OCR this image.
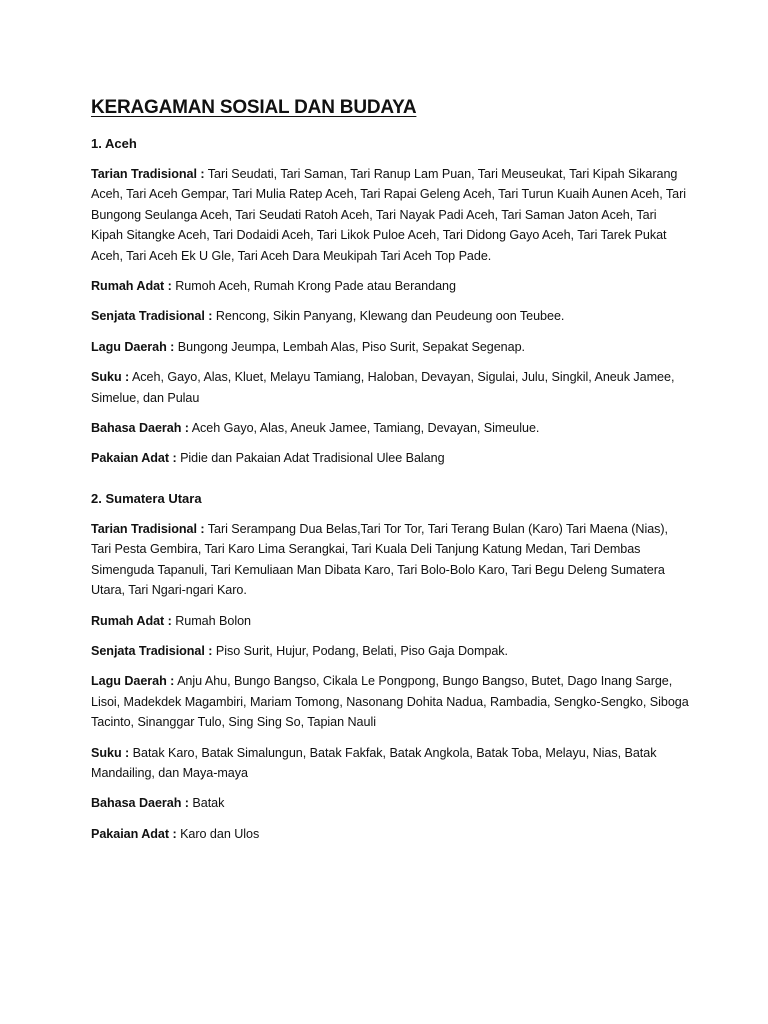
KERAGAMAN SOSIAL DAN BUDAYA
1. Aceh

Tarian Tradisional : Tari Seudati, Tari Saman, Tari Ranup Lam Puan, Tari Meuseukat, Tari Kipah Sikarang Aceh, Tari Aceh Gempar, Tari Mulia Ratep Aceh, Tari Rapai Geleng Aceh, Tari Turun Kuaih Aunen Aceh, Tari Bungong Seulanga Aceh, Tari Seudati Ratoh Aceh, Tari Nayak Padi Aceh, Tari Saman Jaton Aceh, Tari Kipah Sitangke Aceh, Tari Dodaidi Aceh, Tari Likok Puloe Aceh, Tari Didong Gayo Aceh, Tari Tarek Pukat Aceh, Tari Aceh Ek U Gle, Tari Aceh Dara Meukipah Tari Aceh Top Pade.

Rumah Adat : Rumoh Aceh, Rumah Krong Pade atau Berandang

Senjata Tradisional : Rencong, Sikin Panyang, Klewang dan Peudeung oon Teubee.

Lagu Daerah : Bungong Jeumpa, Lembah Alas, Piso Surit, Sepakat Segenap.

Suku : Aceh, Gayo, Alas, Kluet, Melayu Tamiang, Haloban, Devayan, Sigulai, Julu, Singkil, Aneuk Jamee, Simelue, dan Pulau

Bahasa Daerah : Aceh Gayo, Alas, Aneuk Jamee, Tamiang, Devayan, Simeulue.

Pakaian Adat : Pidie dan Pakaian Adat Tradisional Ulee Balang

2. Sumatera Utara

Tarian Tradisional : Tari Serampang Dua Belas,Tari Tor Tor, Tari Terang Bulan (Karo) Tari Maena (Nias), Tari Pesta Gembira, Tari Karo Lima Serangkai, Tari Kuala Deli Tanjung Katung Medan, Tari Dembas Simenguda Tapanuli, Tari Kemuliaan Man Dibata Karo, Tari Bolo-Bolo Karo, Tari Begu Deleng Sumatera Utara, Tari Ngari-ngari Karo.

Rumah Adat : Rumah Bolon

Senjata Tradisional : Piso Surit, Hujur, Podang, Belati, Piso Gaja Dompak.

Lagu Daerah : Anju Ahu, Bungo Bangso, Cikala Le Pongpong, Bungo Bangso, Butet, Dago Inang Sarge, Lisoi, Madekdek Magambiri, Mariam Tomong, Nasonang Dohita Nadua, Rambadia, Sengko-Sengko, Siboga Tacinto, Sinanggar Tulo, Sing Sing So, Tapian Nauli

Suku : Batak Karo, Batak Simalungun, Batak Fakfak, Batak Angkola, Batak Toba, Melayu, Nias, Batak Mandailing, dan Maya-maya

Bahasa Daerah : Batak

Pakaian Adat : Karo dan Ulos
